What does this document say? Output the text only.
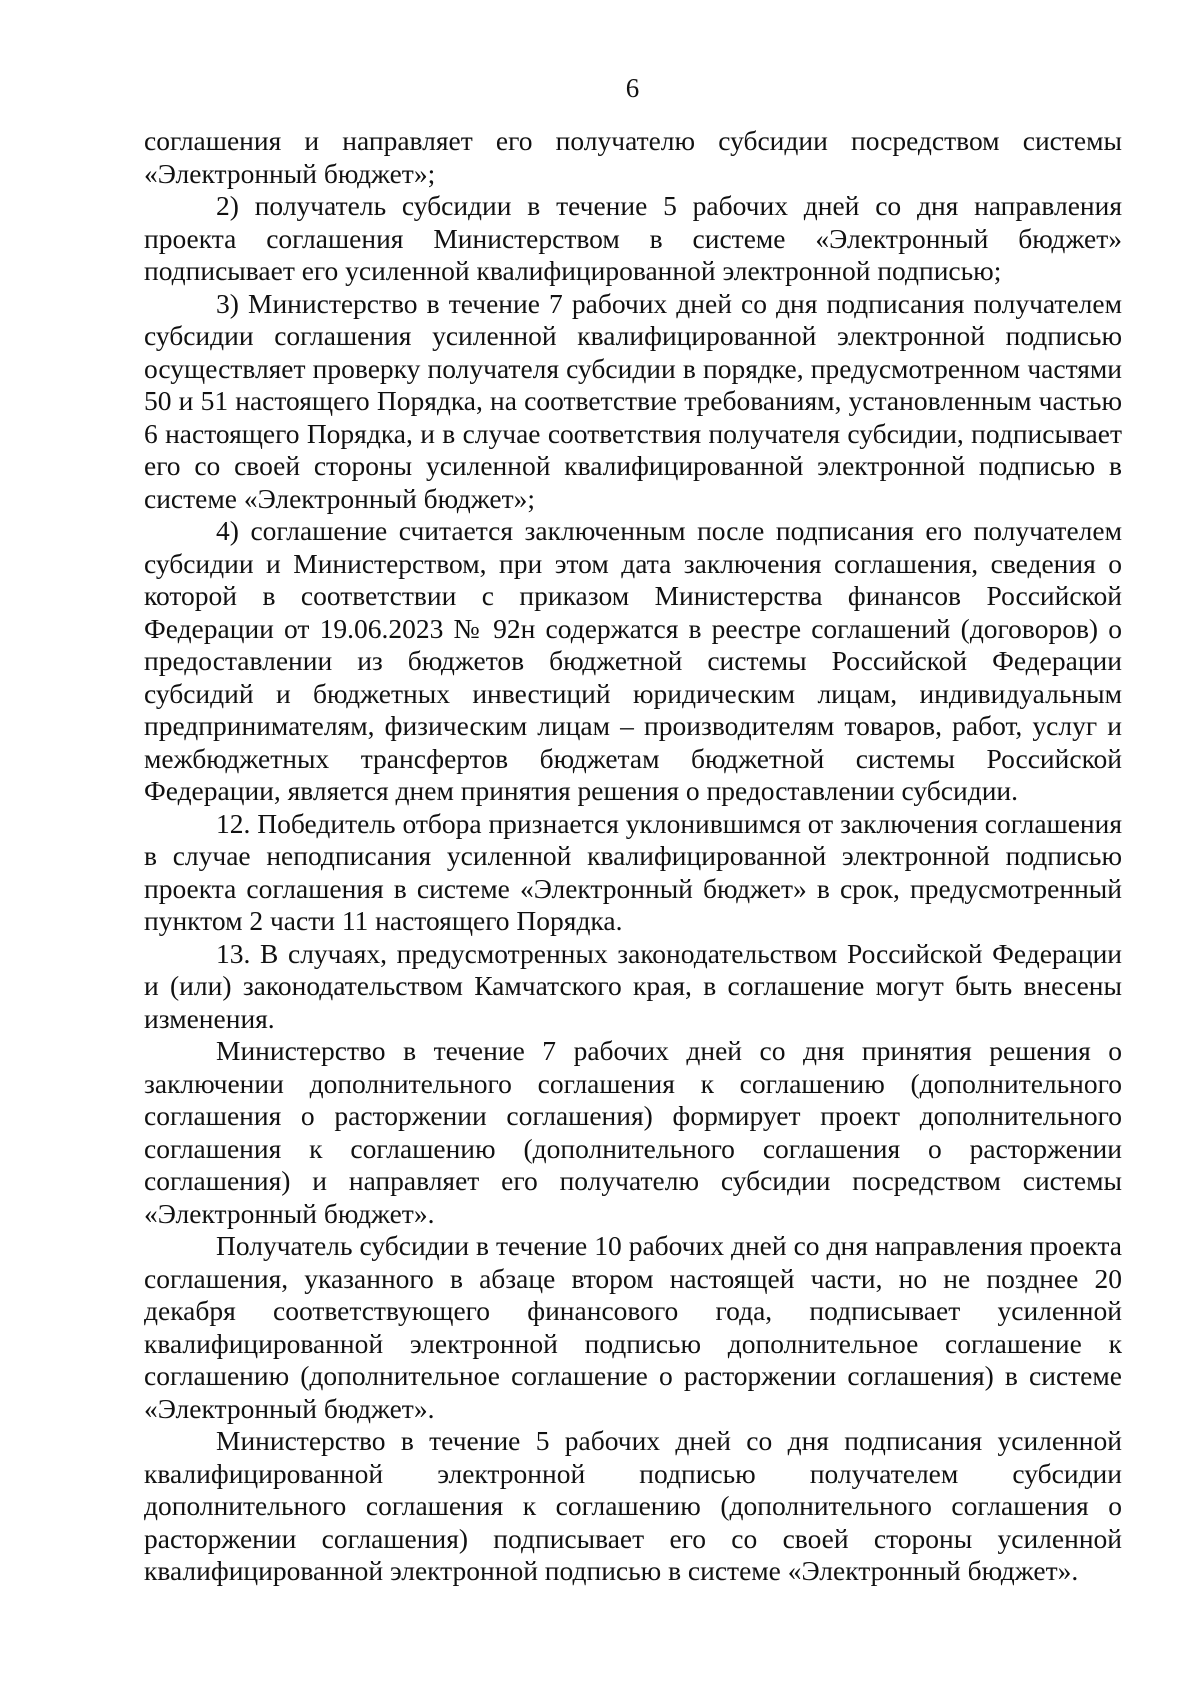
6

соглашения и направляет его получателю субсидии посредством системы «Электронный бюджет»;

2) получатель субсидии в течение 5 рабочих дней со дня направления проекта соглашения Министерством в системе «Электронный бюджет» подписывает его усиленной квалифицированной электронной подписью;

3) Министерство в течение 7 рабочих дней со дня подписания получателем субсидии соглашения усиленной квалифицированной электронной подписью осуществляет проверку получателя субсидии в порядке, предусмотренном частями 50 и 51 настоящего Порядка, на соответствие требованиям, установленным частью 6 настоящего Порядка, и в случае соответствия получателя субсидии, подписывает его со своей стороны усиленной квалифицированной электронной подписью в системе «Электронный бюджет»;

4) соглашение считается заключенным после подписания его получателем субсидии и Министерством, при этом дата заключения соглашения, сведения о которой в соответствии с приказом Министерства финансов Российской Федерации от 19.06.2023 № 92н содержатся в реестре соглашений (договоров) о предоставлении из бюджетов бюджетной системы Российской Федерации субсидий и бюджетных инвестиций юридическим лицам, индивидуальным предпринимателям, физическим лицам – производителям товаров, работ, услуг и межбюджетных трансфертов бюджетам бюджетной системы Российской Федерации, является днем принятия решения о предоставлении субсидии.

12. Победитель отбора признается уклонившимся от заключения соглашения в случае неподписания усиленной квалифицированной электронной подписью проекта соглашения в системе «Электронный бюджет» в срок, предусмотренный пунктом 2 части 11 настоящего Порядка.

13. В случаях, предусмотренных законодательством Российской Федерации и (или) законодательством Камчатского края, в соглашение могут быть внесены изменения.

Министерство в течение 7 рабочих дней со дня принятия решения о заключении дополнительного соглашения к соглашению (дополнительного соглашения о расторжении соглашения) формирует проект дополнительного соглашения к соглашению (дополнительного соглашения о расторжении соглашения) и направляет его получателю субсидии посредством системы «Электронный бюджет».

Получатель субсидии в течение 10 рабочих дней со дня направления проекта соглашения, указанного в абзаце втором настоящей части, но не позднее 20 декабря соответствующего финансового года, подписывает усиленной квалифицированной электронной подписью дополнительное соглашение к соглашению (дополнительное соглашение о расторжении соглашения) в системе «Электронный бюджет».

Министерство в течение 5 рабочих дней со дня подписания усиленной квалифицированной электронной подписью получателем субсидии дополнительного соглашения к соглашению (дополнительного соглашения о расторжении соглашения) подписывает его со своей стороны усиленной квалифицированной электронной подписью в системе «Электронный бюджет».
